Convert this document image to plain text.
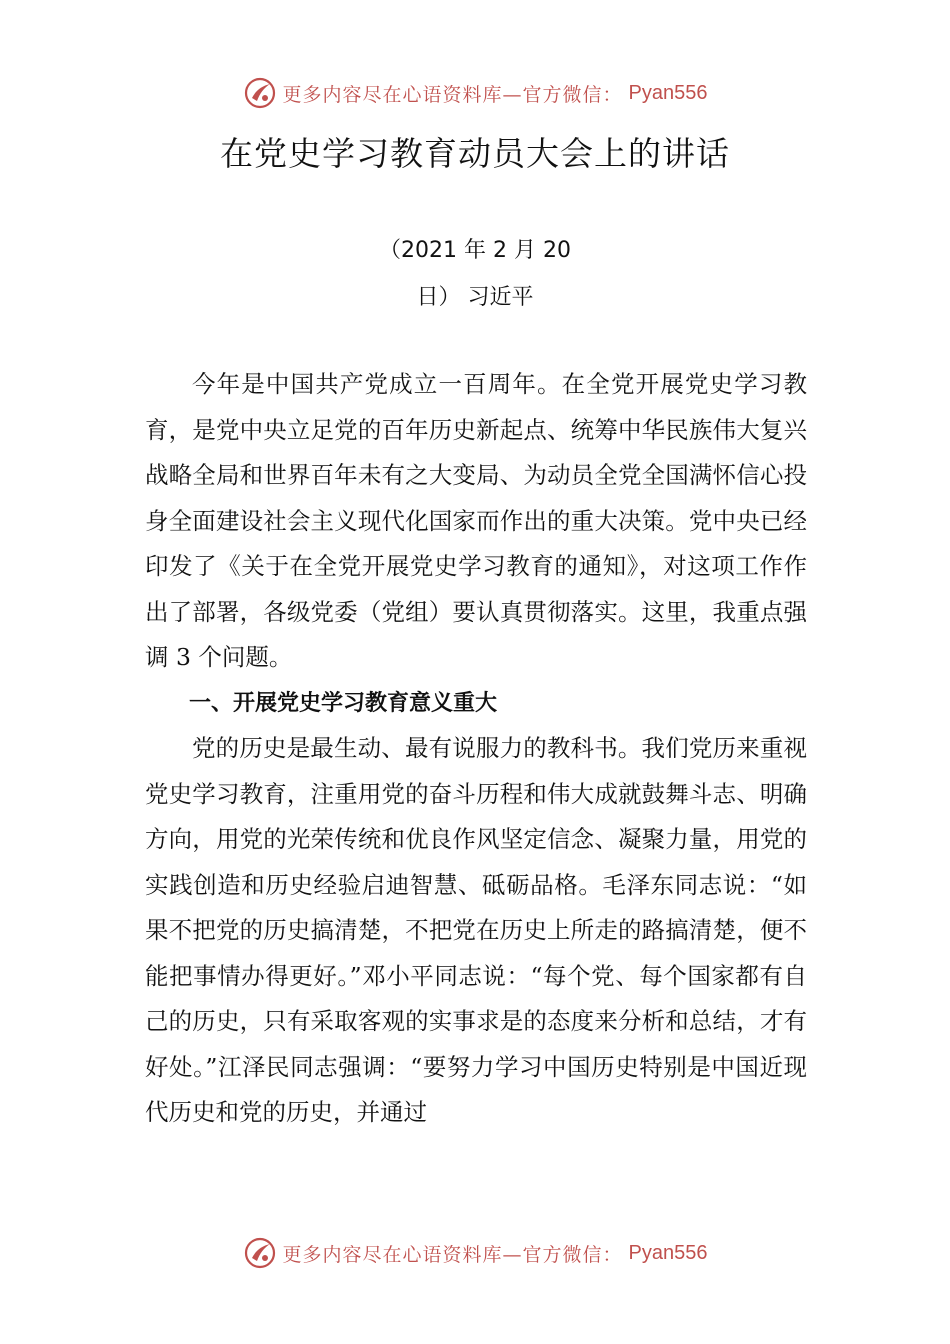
更多内容尽在心语资料库—官方微信： Pyan556
在党史学习教育动员大会上的讲话
（2021 年 2 月 20
日） 习近平

今年是中国共产党成立一百周年。在全党开展党史学习教育，是党中央立足党的百年历史新起点、统筹中华民族伟大复兴战略全局和世界百年未有之大变局、为动员全党全国满怀信心投身全面建设社会主义现代化国家而作出的重大决策。党中央已经印发了《关于在全党开展党史学习教育的通知》，对这项工作作出了部署，各级党委（党组）要认真贯彻落实。这里，我重点强调 3 个问题。

一、开展党史学习教育意义重大

党的历史是最生动、最有说服力的教科书。我们党历来重视党史学习教育，注重用党的奋斗历程和伟大成就鼓舞斗志、明确方向，用党的光荣传统和优良作风坚定信念、凝聚力量，用党的实践创造和历史经验启迪智慧、砥砺品格。毛泽东同志说：“如果不把党的历史搞清楚，不把党在历史上所走的路搞清楚，便不能把事情办得更好。”邓小平同志说：“每个党、每个国家都有自己的历史，只有采取客观的实事求是的态度来分析和总结，才有好处。”江泽民同志强调：“要努力学习中国历史特别是中国近现代历史和党的历史，并通过

更多内容尽在心语资料库—官方微信： Pyan556
